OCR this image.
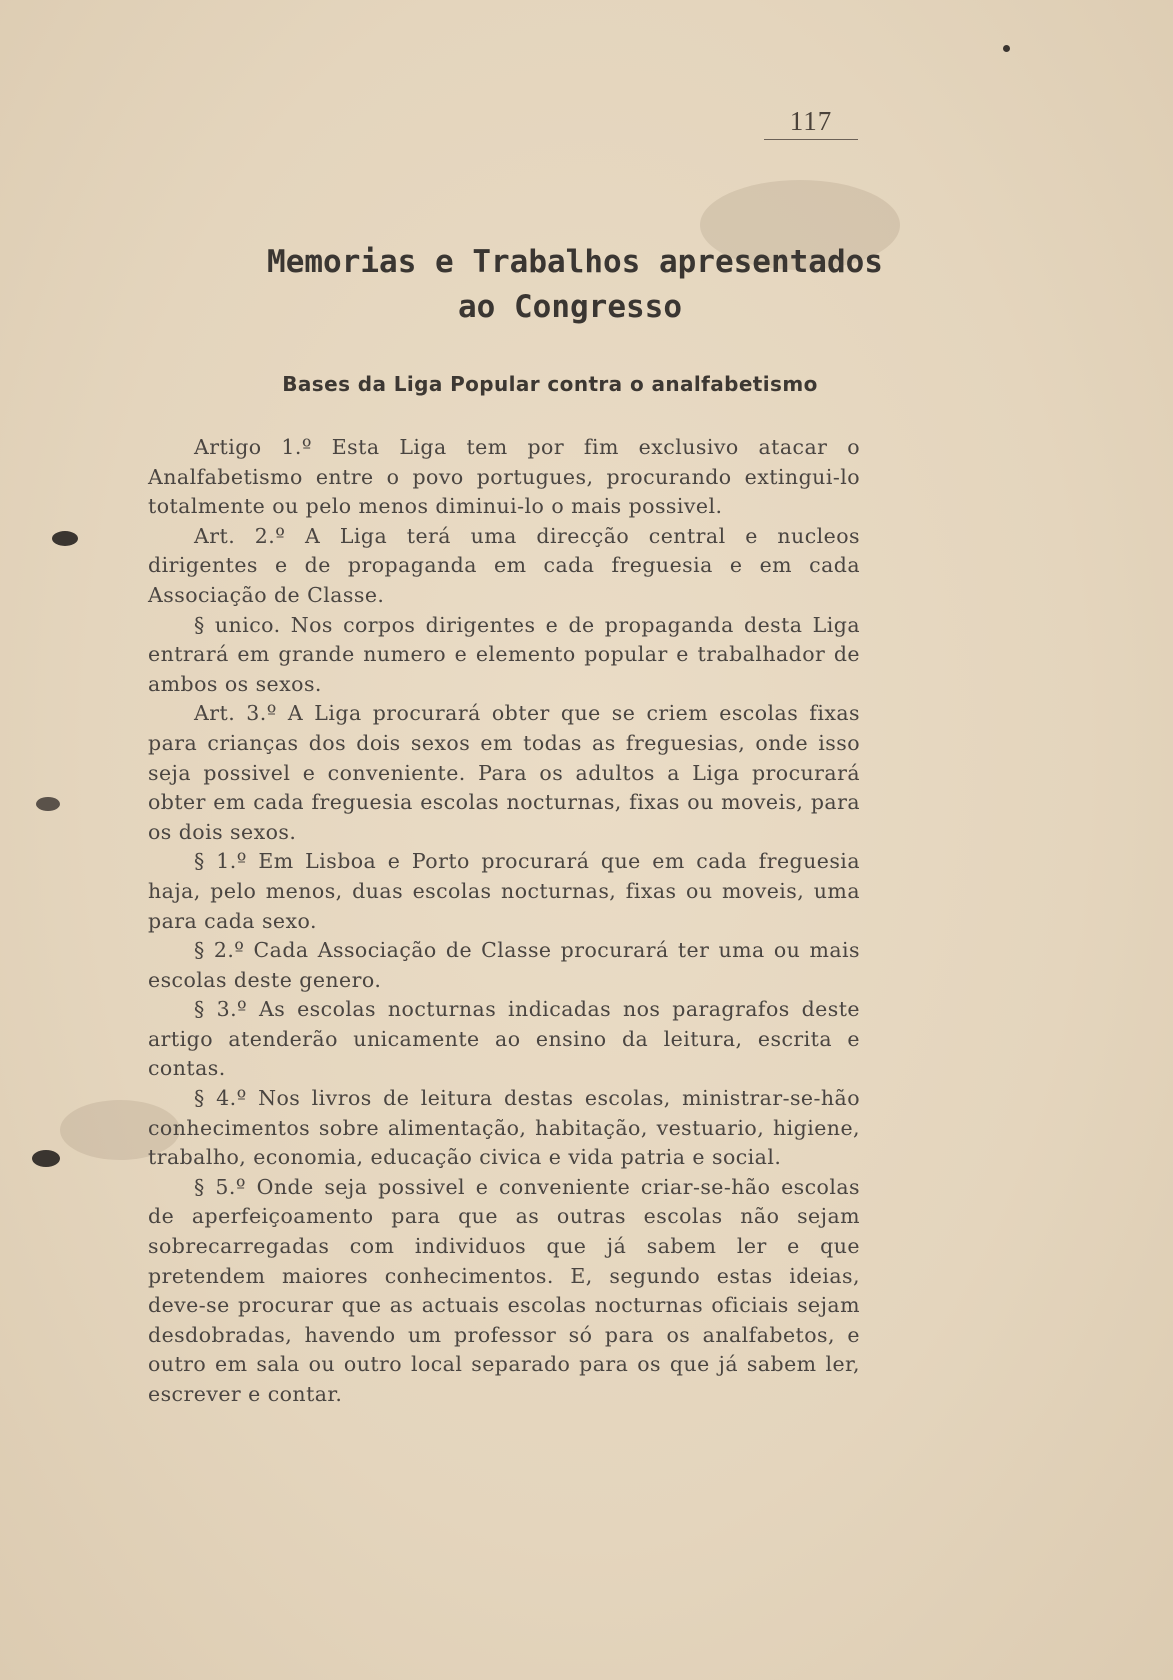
117
Memorias e Trabalhos apresentados
ao Congresso
Bases da Liga Popular contra o analfabetismo

Artigo 1.º Esta Liga tem por fim exclusivo atacar o Analfabetismo entre o povo portugues, procurando extingui-lo totalmente ou pelo menos diminui-lo o mais possivel.

Art. 2.º A Liga terá uma direcção central e nucleos dirigentes e de propaganda em cada freguesia e em cada Associação de Classe.

§ unico. Nos corpos dirigentes e de propaganda desta Liga entrará em grande numero e elemento popular e trabalhador de ambos os sexos.

Art. 3.º A Liga procurará obter que se criem escolas fixas para crianças dos dois sexos em todas as freguesias, onde isso seja possivel e conveniente. Para os adultos a Liga procurará obter em cada freguesia escolas nocturnas, fixas ou moveis, para os dois sexos.

§ 1.º Em Lisboa e Porto procurará que em cada freguesia haja, pelo menos, duas escolas nocturnas, fixas ou moveis, uma para cada sexo.

§ 2.º Cada Associação de Classe procurará ter uma ou mais escolas deste genero.

§ 3.º As escolas nocturnas indicadas nos paragrafos deste artigo atenderão unicamente ao ensino da leitura, escrita e contas.

§ 4.º Nos livros de leitura destas escolas, ministrar-se-hão conhecimentos sobre alimentação, habitação, vestuario, higiene, trabalho, economia, educação civica e vida patria e social.

§ 5.º Onde seja possivel e conveniente criar-se-hão escolas de aperfeiçoamento para que as outras escolas não sejam sobrecarregadas com individuos que já sabem ler e que pretendem maiores conhecimentos. E, segundo estas ideias, deve-se procurar que as actuais escolas nocturnas oficiais sejam desdobradas, havendo um professor só para os analfabetos, e outro em sala ou outro local separado para os que já sabem ler, escrever e contar.
